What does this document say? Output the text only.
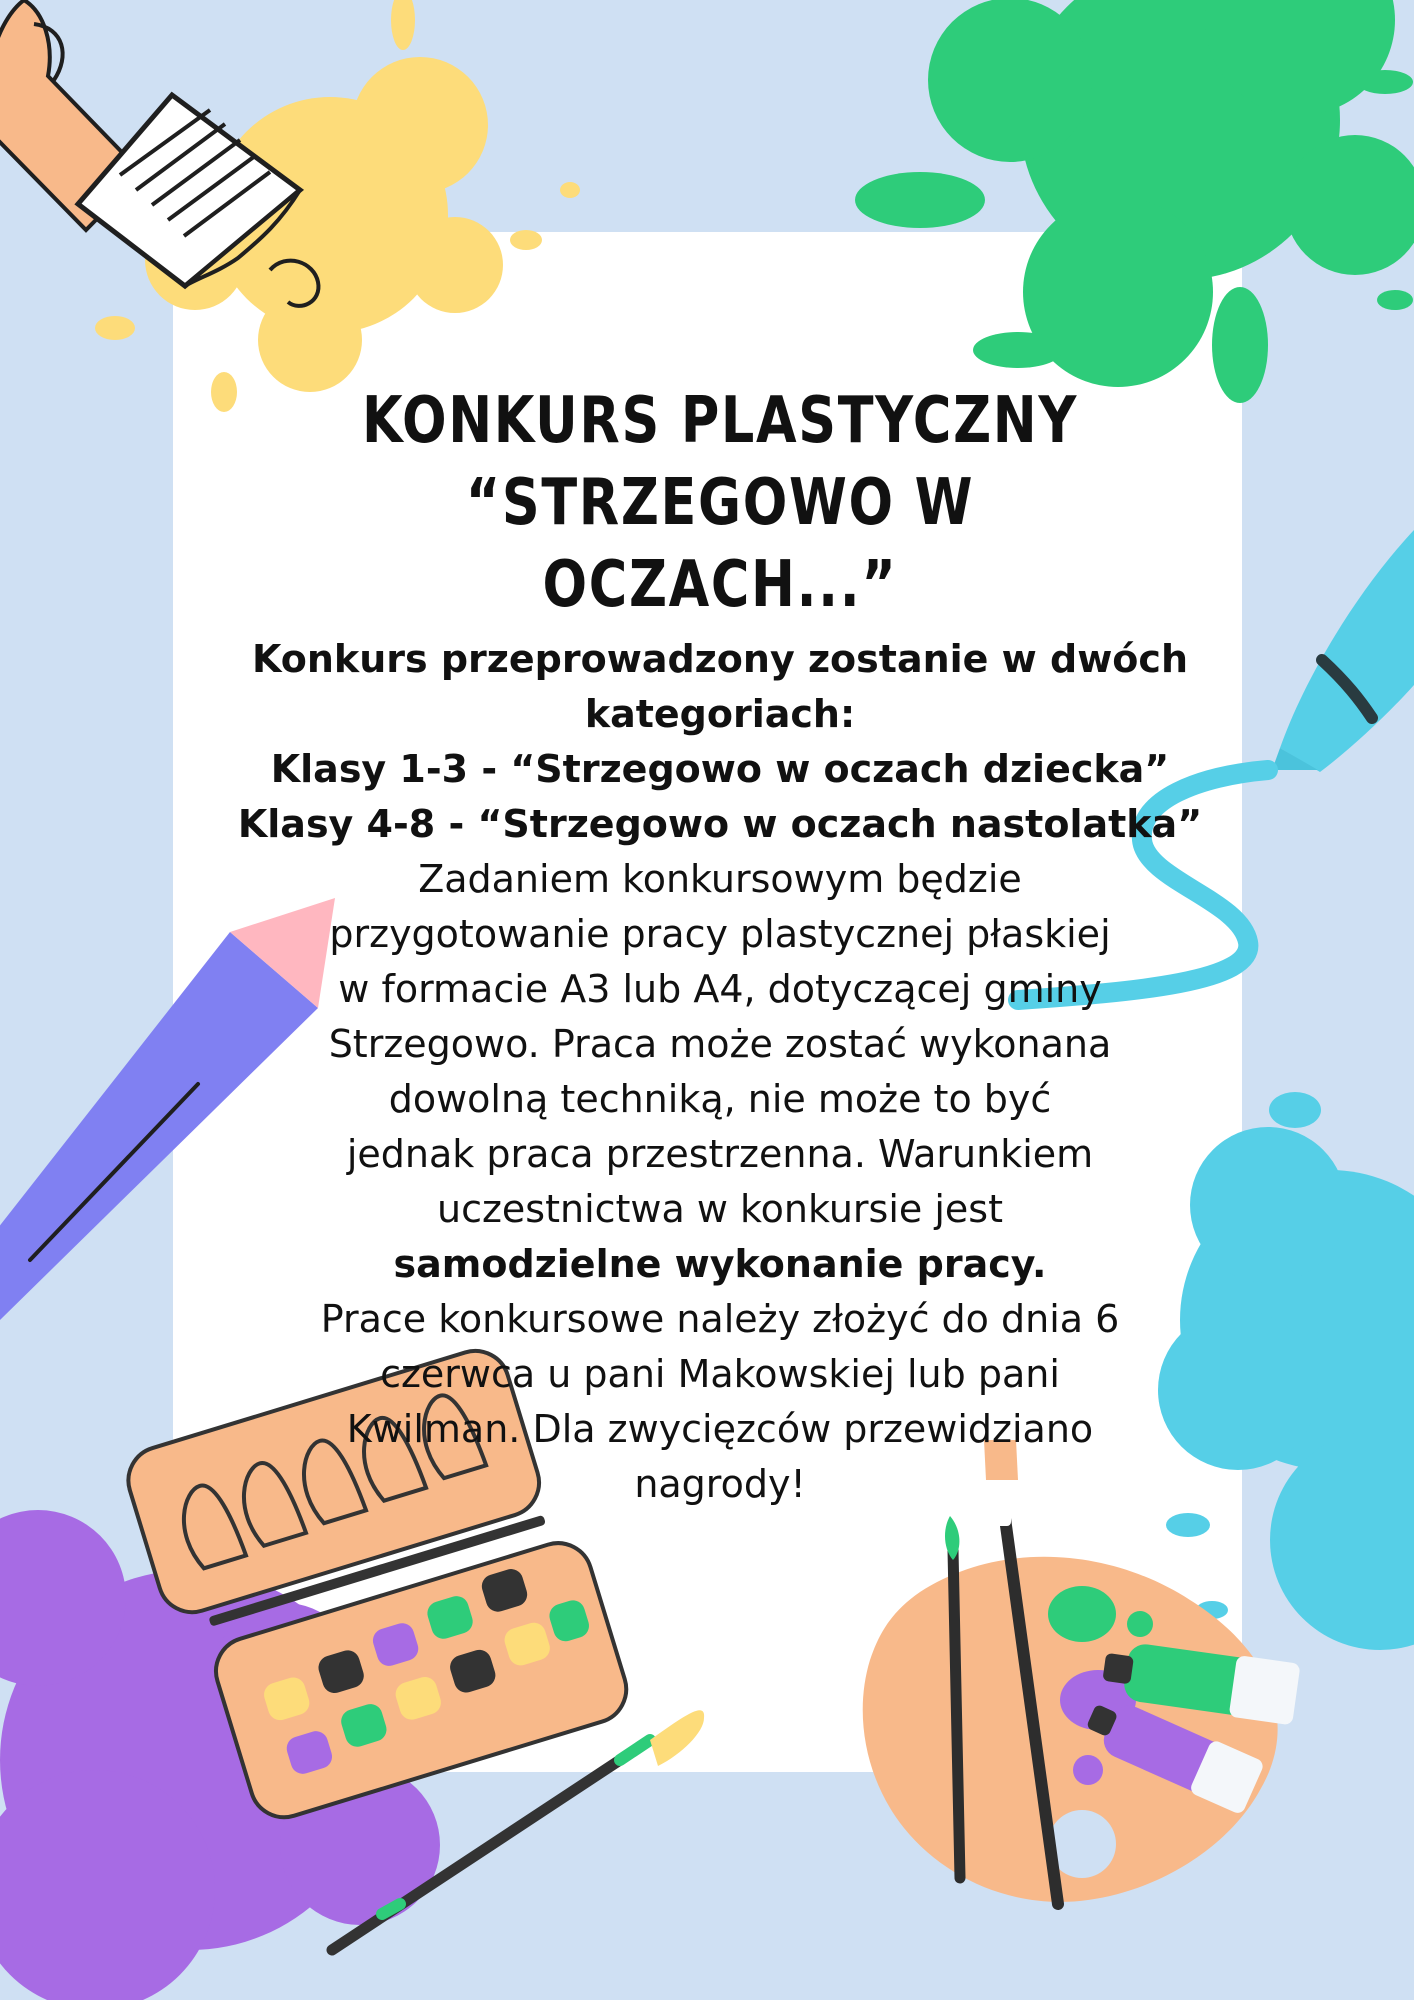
KONKURS PLASTYCZNY
“STRZEGOWO W OCZACH...”

Konkurs przeprowadzony zostanie w dwóch kategoriach:

Klasy 1-3 - “Strzegowo w oczach dziecka”

Klasy 4-8 - “Strzegowo w oczach nastolatka”

Zadaniem konkursowym będzie przygotowanie pracy plastycznej płaskiej w formacie A3 lub A4, dotyczącej gminy Strzegowo. Praca może zostać wykonana dowolną techniką, nie może to być jednak praca przestrzenna. Warunkiem uczestnictwa w konkursie jest samodzielne wykonanie pracy.

Prace konkursowe należy złożyć do dnia 6 czerwca u pani Makowskiej lub pani Kwilman. Dla zwycięzców przewidziano nagrody!
